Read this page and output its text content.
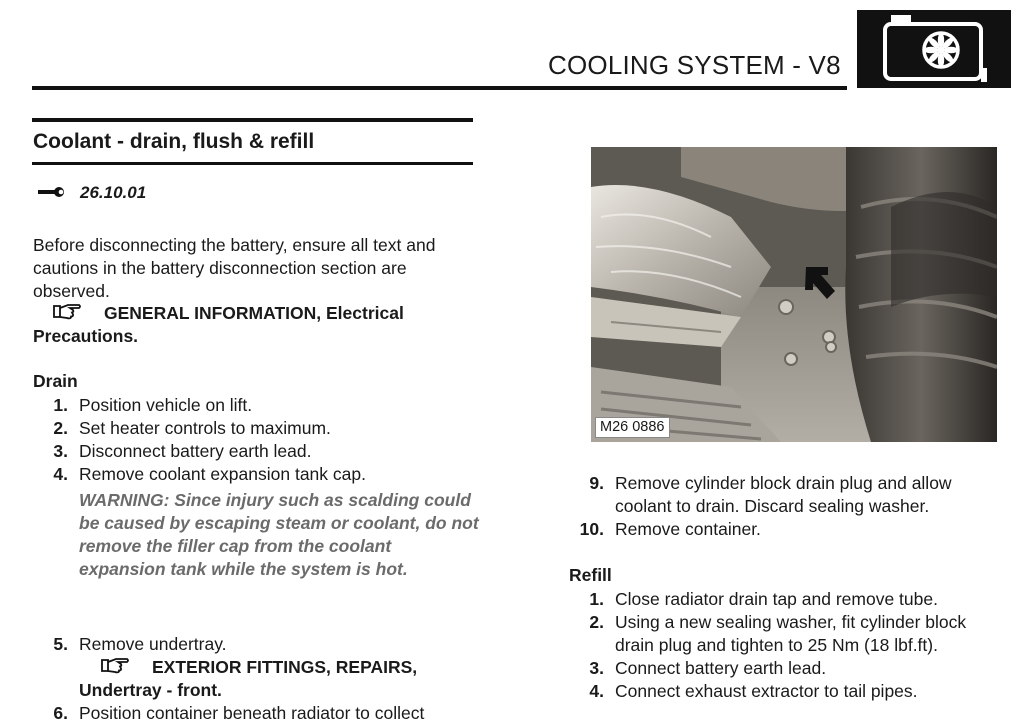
COOLING SYSTEM - V8
Coolant - drain, flush & refill
26.10.01
Before disconnecting the battery, ensure all text and cautions in the battery disconnection section are observed.
GENERAL INFORMATION, Electrical
Precautions.
Drain
1. Position vehicle on lift.
2. Set heater controls to maximum.
3. Disconnect battery earth lead.
4. Remove coolant expansion tank cap.
WARNING: Since injury such as scalding could be caused by escaping steam or coolant, do not remove the filler cap from the coolant expansion tank while the system is hot.
5. Remove undertray.
EXTERIOR FITTINGS, REPAIRS,
Undertray - front.
6. Position container beneath radiator to collect
M26 0886
9. Remove cylinder block drain plug and allow coolant to drain. Discard sealing washer.
10. Remove container.
Refill
1. Close radiator drain tap and remove tube.
2. Using a new sealing washer, fit cylinder block drain plug and tighten to 25 Nm (18 lbf.ft).
3. Connect battery earth lead.
4. Connect exhaust extractor to tail pipes.
